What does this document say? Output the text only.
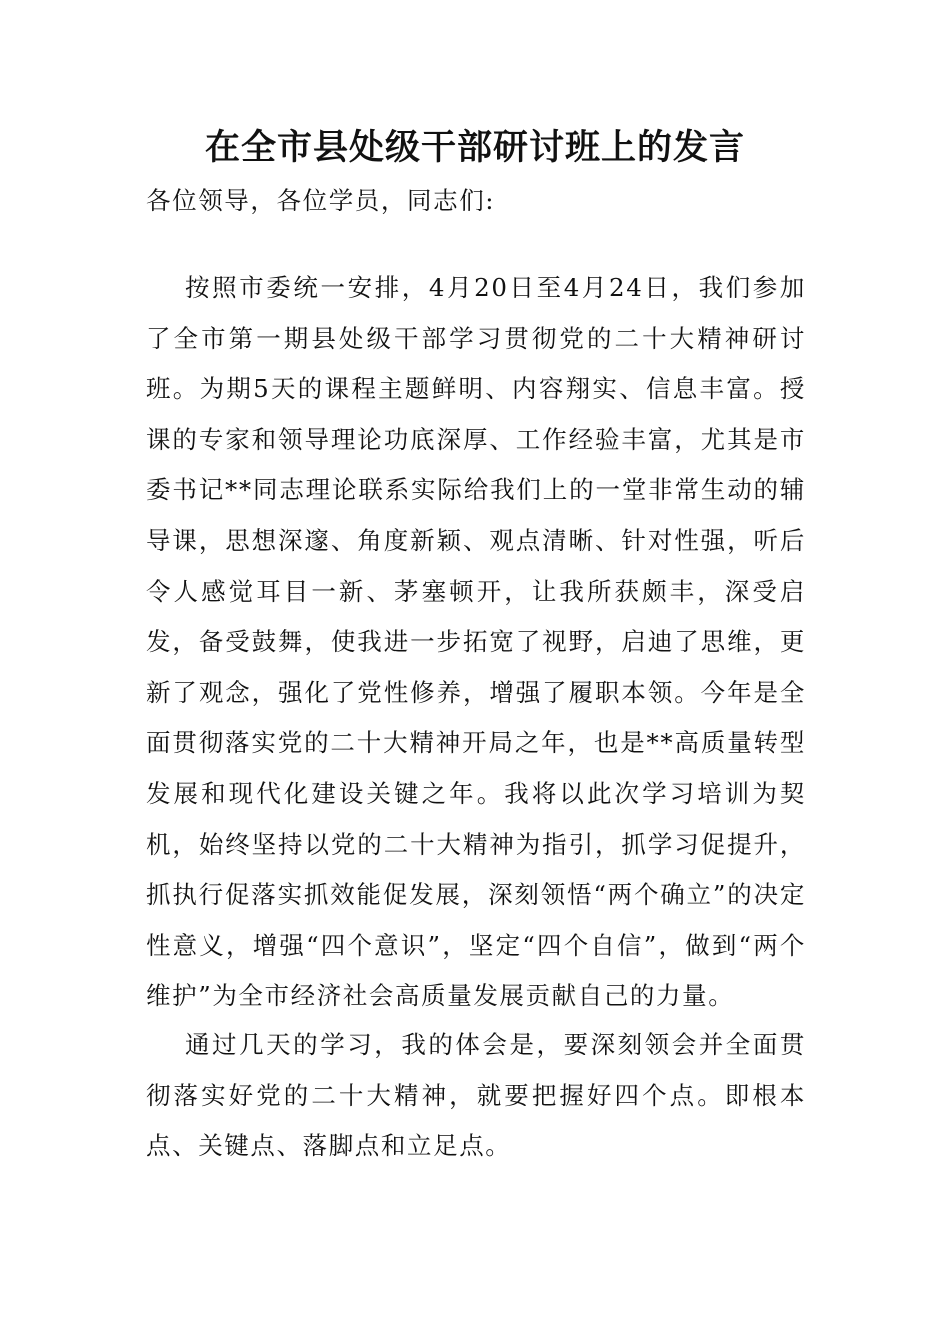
在全市县处级干部研讨班上的发言

各位领导，各位学员，同志们:

按照市委统一安排，4月20日至4月24日，我们参加了全市第一期县处级干部学习贯彻党的二十大精神研讨班。为期5天的课程主题鲜明、内容翔实、信息丰富。授课的专家和领导理论功底深厚、工作经验丰富，尤其是市委书记**同志理论联系实际给我们上的一堂非常生动的辅导课，思想深邃、角度新颖、观点清晰、针对性强，听后令人感觉耳目一新、茅塞顿开，让我所获颇丰，深受启发，备受鼓舞，使我进一步拓宽了视野，启迪了思维，更新了观念，强化了党性修养，增强了履职本领。今年是全面贯彻落实党的二十大精神开局之年，也是**高质量转型发展和现代化建设关键之年。我将以此次学习培训为契机，始终坚持以党的二十大精神为指引，抓学习促提升，抓执行促落实抓效能促发展，深刻领悟“两个确立”的决定性意义，增强“四个意识”，坚定“四个自信”，做到“两个维护”为全市经济社会高质量发展贡献自己的力量。

通过几天的学习，我的体会是，要深刻领会并全面贯彻落实好党的二十大精神，就要把握好四个点。即根本点、关键点、落脚点和立足点。
